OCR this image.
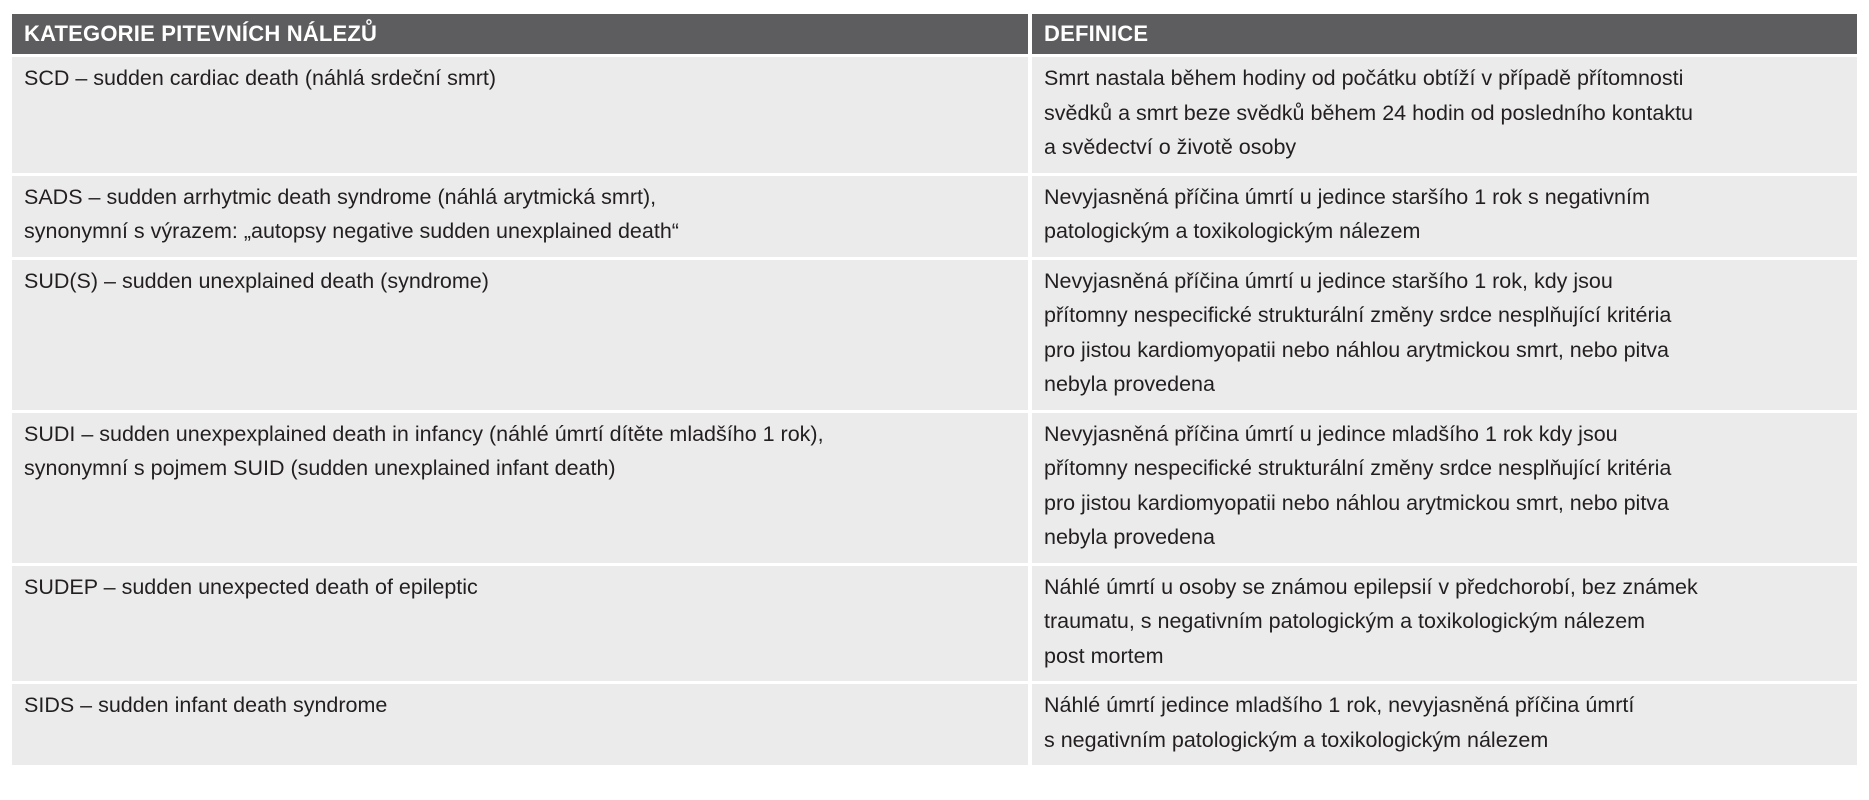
KATEGORIE PITEVNÍCH NÁLEZŮ	DEFINICE

SCD – sudden cardiac death (náhlá srdeční smrt)	Smrt nastala během hodiny od počátku obtíží v případě přítomnosti
svědků a smrt beze svědků během 24 hodin od posledního kontaktu
a svědectví o životě osoby

SADS – sudden arrhytmic death syndrome (náhlá arytmická smrt),
synonymní s výrazem: „autopsy negative sudden unexplained death“	Nevyjasněná příčina úmrtí u jedince staršího 1 rok s negativním
patologickým a toxikologickým nálezem

SUD(S) – sudden unexplained death (syndrome)	Nevyjasněná příčina úmrtí u jedince staršího 1 rok, kdy jsou
přítomny nespecifické strukturální změny srdce nesplňující kritéria
pro jistou kardiomyopatii nebo náhlou arytmickou smrt, nebo pitva
nebyla provedena

SUDI – sudden unexpexplained death in infancy (náhlé úmrtí dítěte mladšího 1 rok),
synonymní s pojmem SUID (sudden unexplained infant death)	Nevyjasněná příčina úmrtí u jedince mladšího 1 rok kdy jsou
přítomny nespecifické strukturální změny srdce nesplňující kritéria
pro jistou kardiomyopatii nebo náhlou arytmickou smrt, nebo pitva
nebyla provedena

SUDEP – sudden unexpected death of epileptic	Náhlé úmrtí u osoby se známou epilepsií v předchorobí, bez známek
traumatu, s negativním patologickým a toxikologickým nálezem
post mortem

SIDS – sudden infant death syndrome	Náhlé úmrtí jedince mladšího 1 rok, nevyjasněná příčina úmrtí
s negativním patologickým a toxikologickým nálezem
